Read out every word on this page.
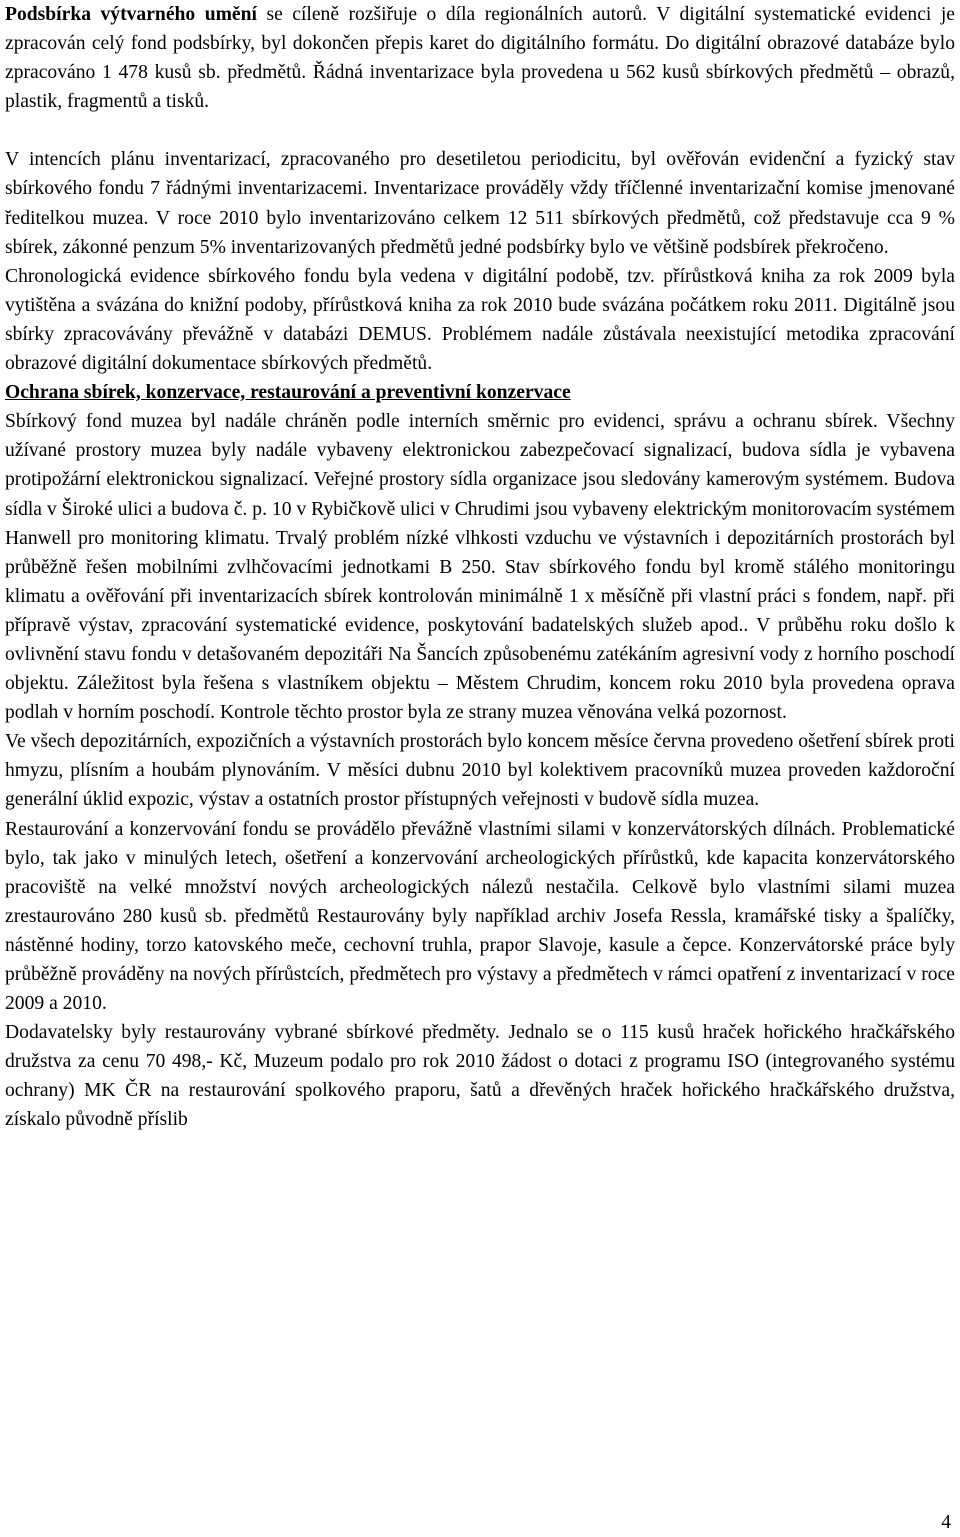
Podsbírka výtvarného umění se cíleně rozšiřuje o díla regionálních autorů. V digitální systematické evidenci je zpracován celý fond podsbírky, byl dokončen přepis karet do digitálního formátu. Do digitální obrazové databáze bylo zpracováno 1 478 kusů sb. předmětů. Řádná inventarizace byla provedena u 562 kusů sbírkových předmětů – obrazů, plastik, fragmentů a tisků.

V intencích plánu inventarizací, zpracovaného pro desetiletou periodicitu, byl ověřován evidenční a fyzický stav sbírkového fondu 7 řádnými inventarizacemi. Inventarizace prováděly vždy tříčlenné inventarizační komise jmenované ředitelkou muzea. V roce 2010 bylo inventarizováno celkem 12 511 sbírkových předmětů, což představuje cca 9 % sbírek, zákonné penzum 5% inventarizovaných předmětů jedné podsbírky bylo ve většině podsbírek překročeno.

Chronologická evidence sbírkového fondu byla vedena v digitální podobě, tzv. přírůstková kniha za rok 2009 byla vytištěna a svázána do knižní podoby, přírůstková kniha za rok 2010 bude svázána počátkem roku 2011. Digitálně jsou sbírky zpracovávány převážně v databázi DEMUS. Problémem nadále zůstávala neexistující metodika zpracování obrazové digitální dokumentace sbírkových předmětů.

Ochrana sbírek, konzervace, restaurování a preventivní konzervace

Sbírkový fond muzea byl nadále chráněn podle interních směrnic pro evidenci, správu a ochranu sbírek. Všechny užívané prostory muzea byly nadále vybaveny elektronickou zabezpečovací signalizací, budova sídla je vybavena protipožární elektronickou signalizací. Veřejné prostory sídla organizace jsou sledovány kamerovým systémem. Budova sídla v Široké ulici a budova č. p. 10 v Rybičkově ulici v Chrudimi jsou vybaveny elektrickým monitorovacím systémem Hanwell pro monitoring klimatu. Trvalý problém nízké vlhkosti vzduchu ve výstavních i depozitárních prostorách byl průběžně řešen mobilními zvlhčovacími jednotkami B 250. Stav sbírkového fondu byl kromě stálého monitoringu klimatu a ověřování při inventarizacích sbírek kontrolován minimálně 1 x měsíčně při vlastní práci s fondem, např. při přípravě výstav, zpracování systematické evidence, poskytování badatelských služeb apod.. V průběhu roku došlo k ovlivnění stavu fondu v detašovaném depozitáři Na Šancích způsobenému zatékáním agresivní vody z horního poschodí objektu. Záležitost byla řešena s vlastníkem objektu – Městem Chrudim, koncem roku 2010 byla provedena oprava podlah v horním poschodí. Kontrole těchto prostor byla ze strany muzea věnována velká pozornost.

Ve všech depozitárních, expozičních a výstavních prostorách bylo koncem měsíce června provedeno ošetření sbírek proti hmyzu, plísním a houbám plynováním. V měsíci dubnu 2010 byl kolektivem pracovníků muzea proveden každoroční generální úklid expozic, výstav a ostatních prostor přístupných veřejnosti v budově sídla muzea.

Restaurování a konzervování fondu se provádělo převážně vlastními silami v konzervátorských dílnách. Problematické bylo, tak jako v minulých letech, ošetření a konzervování archeologických přírůstků, kde kapacita konzervátorského pracoviště na velké množství nových archeologických nálezů nestačila. Celkově bylo vlastními silami muzea zrestaurováno 280 kusů sb. předmětů Restaurovány byly například archiv Josefa Ressla, kramářské tisky a špalíčky, nástěnné hodiny, torzo katovského meče, cechovní truhla, prapor Slavoje, kasule a čepce. Konzervátorské práce byly průběžně prováděny na nových přírůstcích, předmětech pro výstavy a předmětech v rámci opatření z inventarizací v roce 2009 a 2010.

Dodavatelsky byly restaurovány vybrané sbírkové předměty. Jednalo se o 115 kusů hraček hořického hračkářského družstva za cenu 70 498,- Kč, Muzeum podalo pro rok 2010 žádost o dotaci z programu ISO (integrovaného systému ochrany) MK ČR na restaurování spolkového praporu, šatů a dřevěných hraček hořického hračkářského družstva, získalo původně příslib

4
